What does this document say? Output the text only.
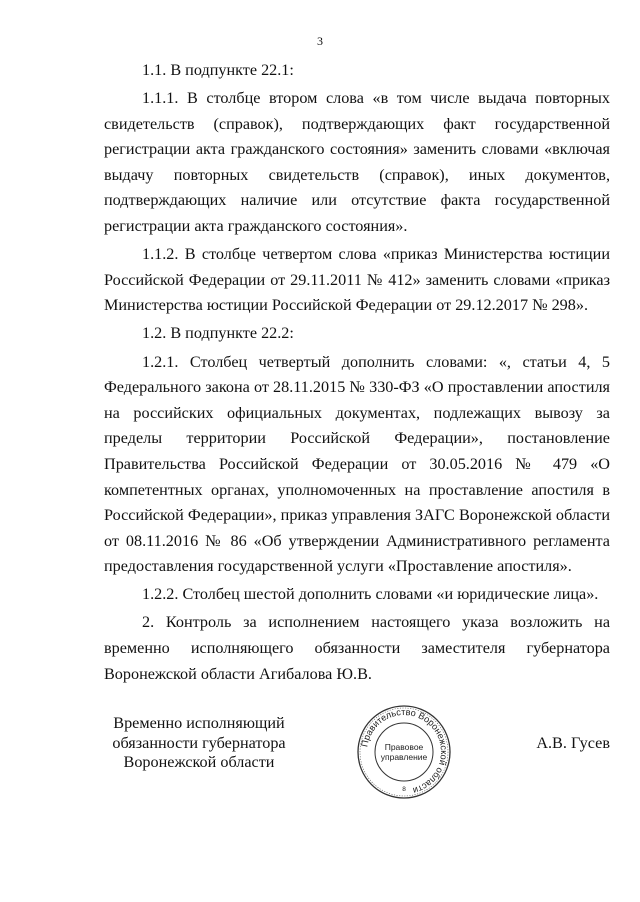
3

1.1. В подпункте 22.1:

1.1.1. В столбце втором слова «в том числе выдача повторных свидетельств (справок), подтверждающих факт государственной регистрации акта гражданского состояния» заменить словами «включая выдачу повторных свидетельств (справок), иных документов, подтверждающих наличие или отсутствие факта государственной регистрации акта гражданского состояния».

1.1.2. В столбце четвертом слова «приказ Министерства юстиции Российской Федерации от 29.11.2011 № 412» заменить словами «приказ Министерства юстиции Российской Федерации от 29.12.2017 № 298».

1.2. В подпункте 22.2:

1.2.1. Столбец четвертый дополнить словами: «, статьи 4, 5 Федерального закона от 28.11.2015 № 330-ФЗ «О проставлении апостиля на российских официальных документах, подлежащих вывозу за пределы территории Российской Федерации», постановление Правительства Российской Федерации от 30.05.2016 № 479 «О компетентных органах, уполномоченных на проставление апостиля в Российской Федерации», приказ управления ЗАГС Воронежской области от 08.11.2016 № 86 «Об утверждении Административного регламента предоставления государственной услуги «Проставление апостиля».

1.2.2. Столбец шестой дополнить словами «и юридические лица».

2. Контроль за исполнением настоящего указа возложить на временно исполняющего обязанности заместителя губернатора Воронежской области Агибалова Ю.В.

Временно исполняющий
обязанности губернатора
Воронежской области
Правительство Воронежской области
Правовое
управление
8
А.В. Гусев
